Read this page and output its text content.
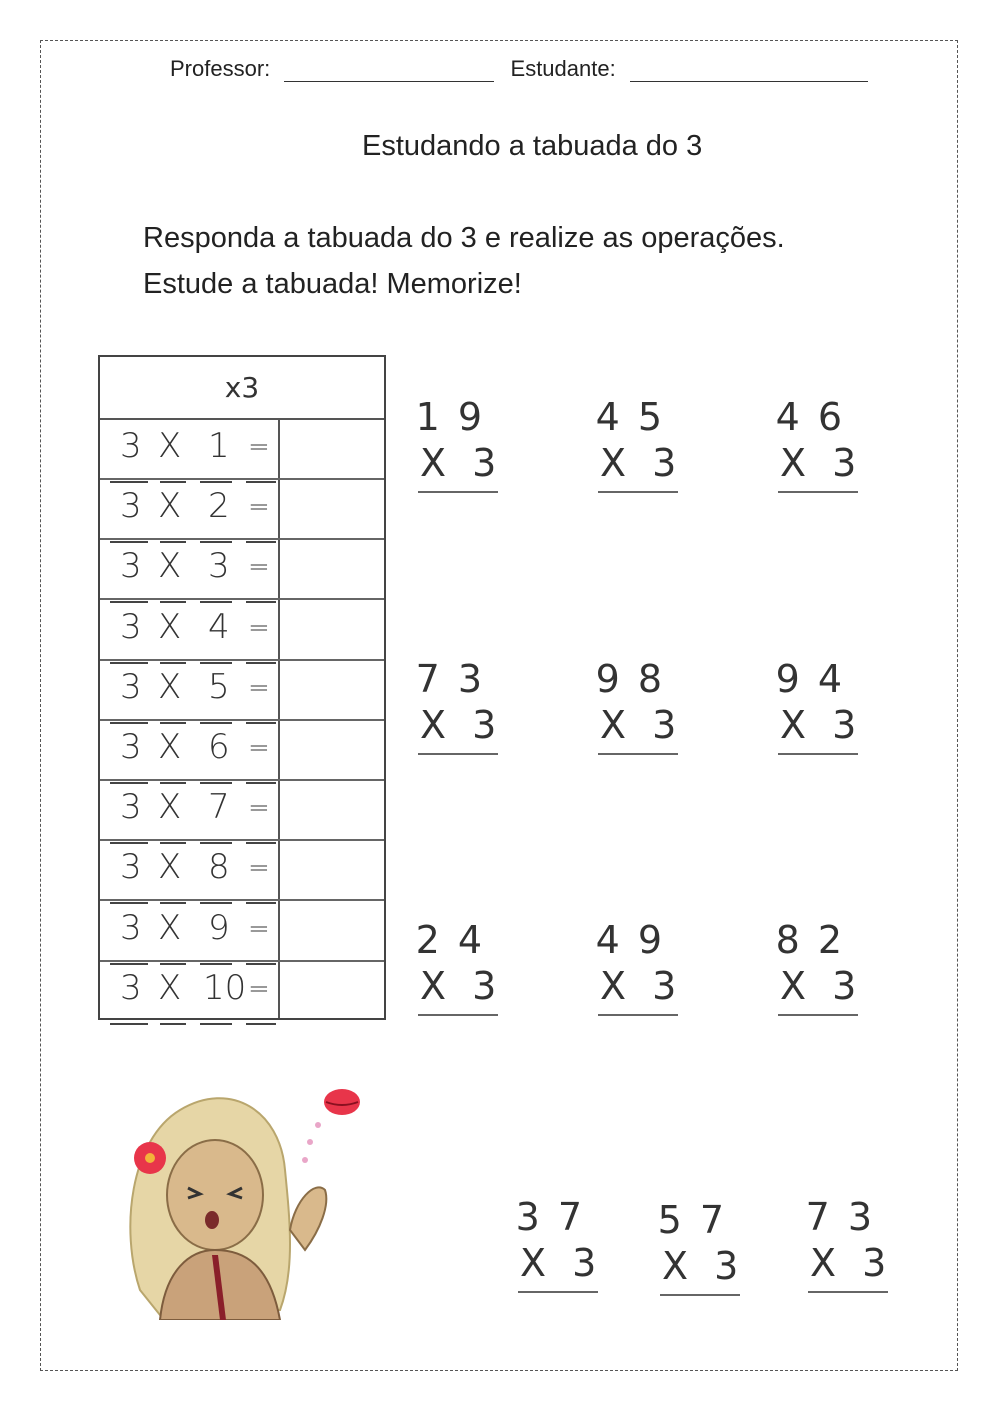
Professor:	Estudante:
Estudando a tabuada do 3
Responda a tabuada do 3 e realize as operações.
Estude a tabuada! Memorize!
x3
3 X 1 =
3 X 2 =
3 X 3 =
3 X 4 =
3 X 5 =
3 X 6 =
3 X 7 =
3 X 8 =
3 X 9 =
3 X 10 =
19
X 3
45
X 3
46
X 3
73
X 3
98
X 3
94
X 3
24
X 3
49
X 3
82
X 3
37
X 3
57
X 3
73
X 3
